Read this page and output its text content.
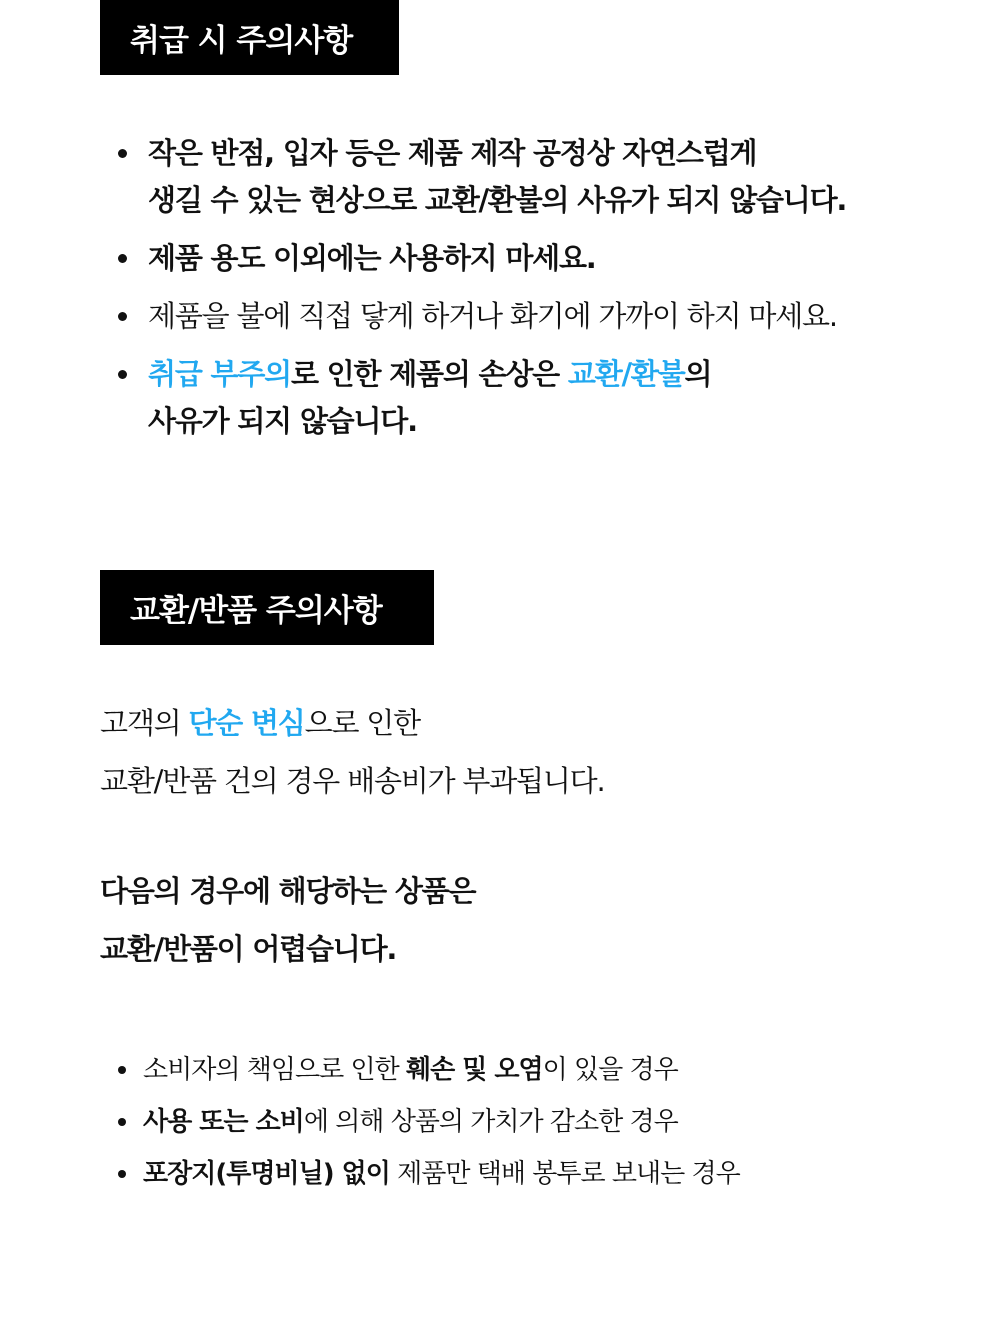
취급 시 주의사항
작은 반점, 입자 등은 제품 제작 공정상 자연스럽게
생길 수 있는 현상으로 교환/환불의 사유가 되지 않습니다.
제품 용도 이외에는 사용하지 마세요.
제품을 불에 직접 닿게 하거나 화기에 가까이 하지 마세요.
취급 부주의로 인한 제품의 손상은 교환/환불의
사유가 되지 않습니다.
교환/반품 주의사항
고객의 단순 변심으로 인한
교환/반품 건의 경우 배송비가 부과됩니다.
다음의 경우에 해당하는 상품은
교환/반품이 어렵습니다.
소비자의 책임으로 인한 훼손 및 오염이 있을 경우
사용 또는 소비에 의해 상품의 가치가 감소한 경우
포장지(투명비닐) 없이 제품만 택배 봉투로 보내는 경우
